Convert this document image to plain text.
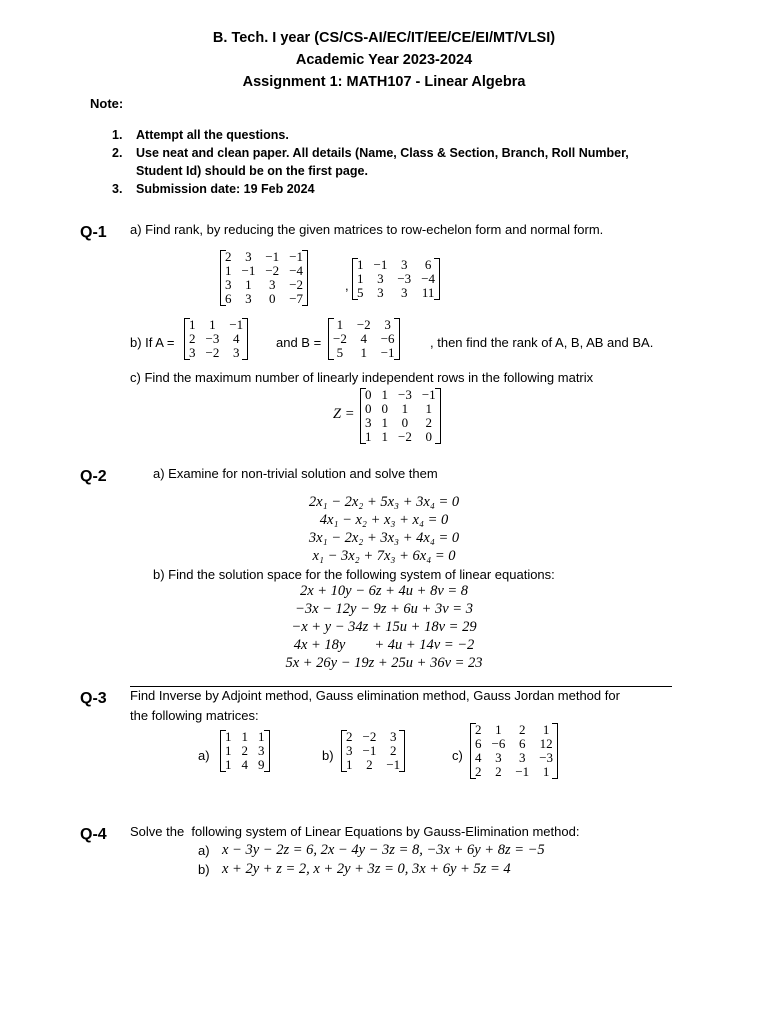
B. Tech. I year (CS/CS-AI/EC/IT/EE/CE/EI/MT/VLSI)
Academic Year 2023-2024
Assignment 1: MATH107 - Linear Algebra
Note:
1. Attempt all the questions.
2. Use neat and clean paper. All details (Name, Class & Section, Branch, Roll Number,
Student Id) should be on the first page.
3. Submission date: 19 Feb 2024
Q-1 a) Find rank, by reducing the given matrices to row-echelon form and normal form.
2	3	−1	−1
1	−1	−2	−4
3	1	3	−2
6	3	0	−7
,
1	−1	3	6
1	3	−3	−4
5	3	3	11
b) If A =
1	1	−1
2	−3	4
3	−2	3
and B =
1	−2	3
−2	4	−6
5	1	−1
, then find the rank of A, B, AB and BA.
c) Find the maximum number of linearly independent rows in the following matrix
Z =
0	1	−3	−1
0	0	1	1
3	1	0	2
1	1	−2	0
Q-2	a) Examine for non-trivial solution and solve them
2x₁ − 2x₂ + 5x₃ + 3x₄ = 0
4x₁ − x₂ + x₃ + x₄ = 0
3x₁ − 2x₂ + 3x₃ + 4x₄ = 0
x₁ − 3x₂ + 7x₃ + 6x₄ = 0
b) Find the solution space for the following system of linear equations:
2x + 10y − 6z + 4u + 8v = 8
−3x − 12y − 9z + 6u + 3v = 3
−x + y − 34z + 15u + 18v = 29
4x + 18y        + 4u + 14v = −2
5x + 26y − 19z + 25u + 36v = 23
Q-3 Find Inverse by Adjoint method, Gauss elimination method, Gauss Jordan method for
the following matrices:
a)
1	1	1
1	2	3
1	4	9
b)
2	−2	3
3	−1	2
1	2	−1
c)
2	1	2	1
6	−6	6	12
4	3	3	−3
2	2	−1	1
Q-4 Solve the  following system of Linear Equations by Gauss-Elimination method:
a) x − 3y − 2z = 6, 2x − 4y − 3z = 8, −3x + 6y + 8z = −5
b) x + 2y + z = 2, x + 2y + 3z = 0, 3x + 6y + 5z = 4
